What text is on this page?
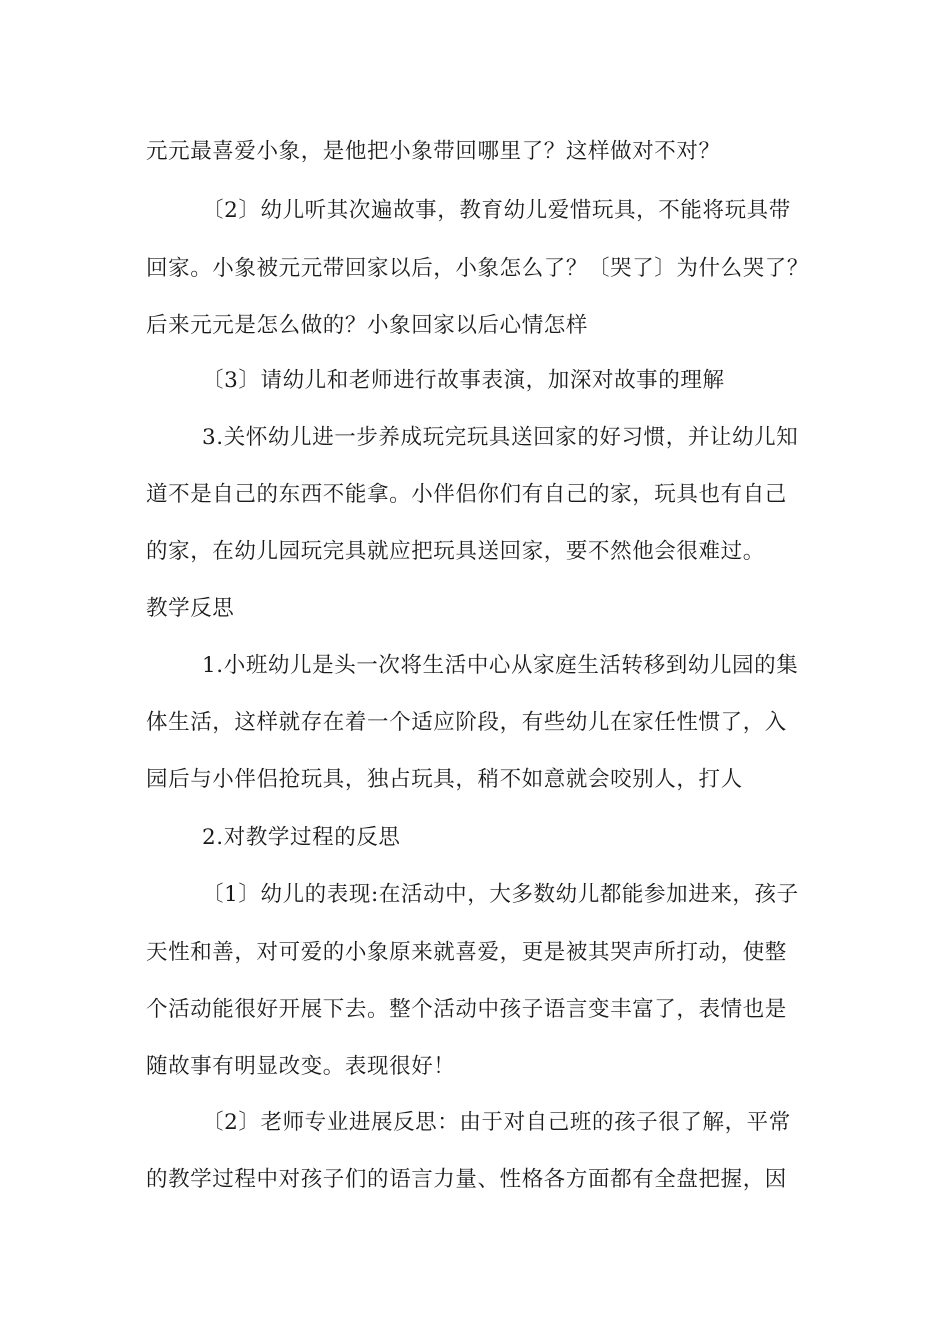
元元最喜爱小象，是他把小象带回哪里了？这样做对不对？
〔2〕幼儿听其次遍故事，教育幼儿爱惜玩具，不能将玩具带
回家。小象被元元带回家以后，小象怎么了？〔哭了〕为什么哭了？
后来元元是怎么做的？小象回家以后心情怎样
〔3〕请幼儿和老师进行故事表演，加深对故事的理解
3.关怀幼儿进一步养成玩完玩具送回家的好习惯，并让幼儿知
道不是自己的东西不能拿。小伴侣你们有自己的家，玩具也有自己
的家，在幼儿园玩完具就应把玩具送回家，要不然他会很难过。
教学反思
1.小班幼儿是头一次将生活中心从家庭生活转移到幼儿园的集
体生活，这样就存在着一个适应阶段，有些幼儿在家任性惯了，入
园后与小伴侣抢玩具，独占玩具，稍不如意就会咬别人，打人
2.对教学过程的反思
〔1〕幼儿的表现:在活动中，大多数幼儿都能参加进来，孩子
天性和善，对可爱的小象原来就喜爱，更是被其哭声所打动，使整
个活动能很好开展下去。整个活动中孩子语言变丰富了，表情也是
随故事有明显改变。表现很好！
〔2〕老师专业进展反思：由于对自己班的孩子很了解，平常
的教学过程中对孩子们的语言力量、性格各方面都有全盘把握，因
